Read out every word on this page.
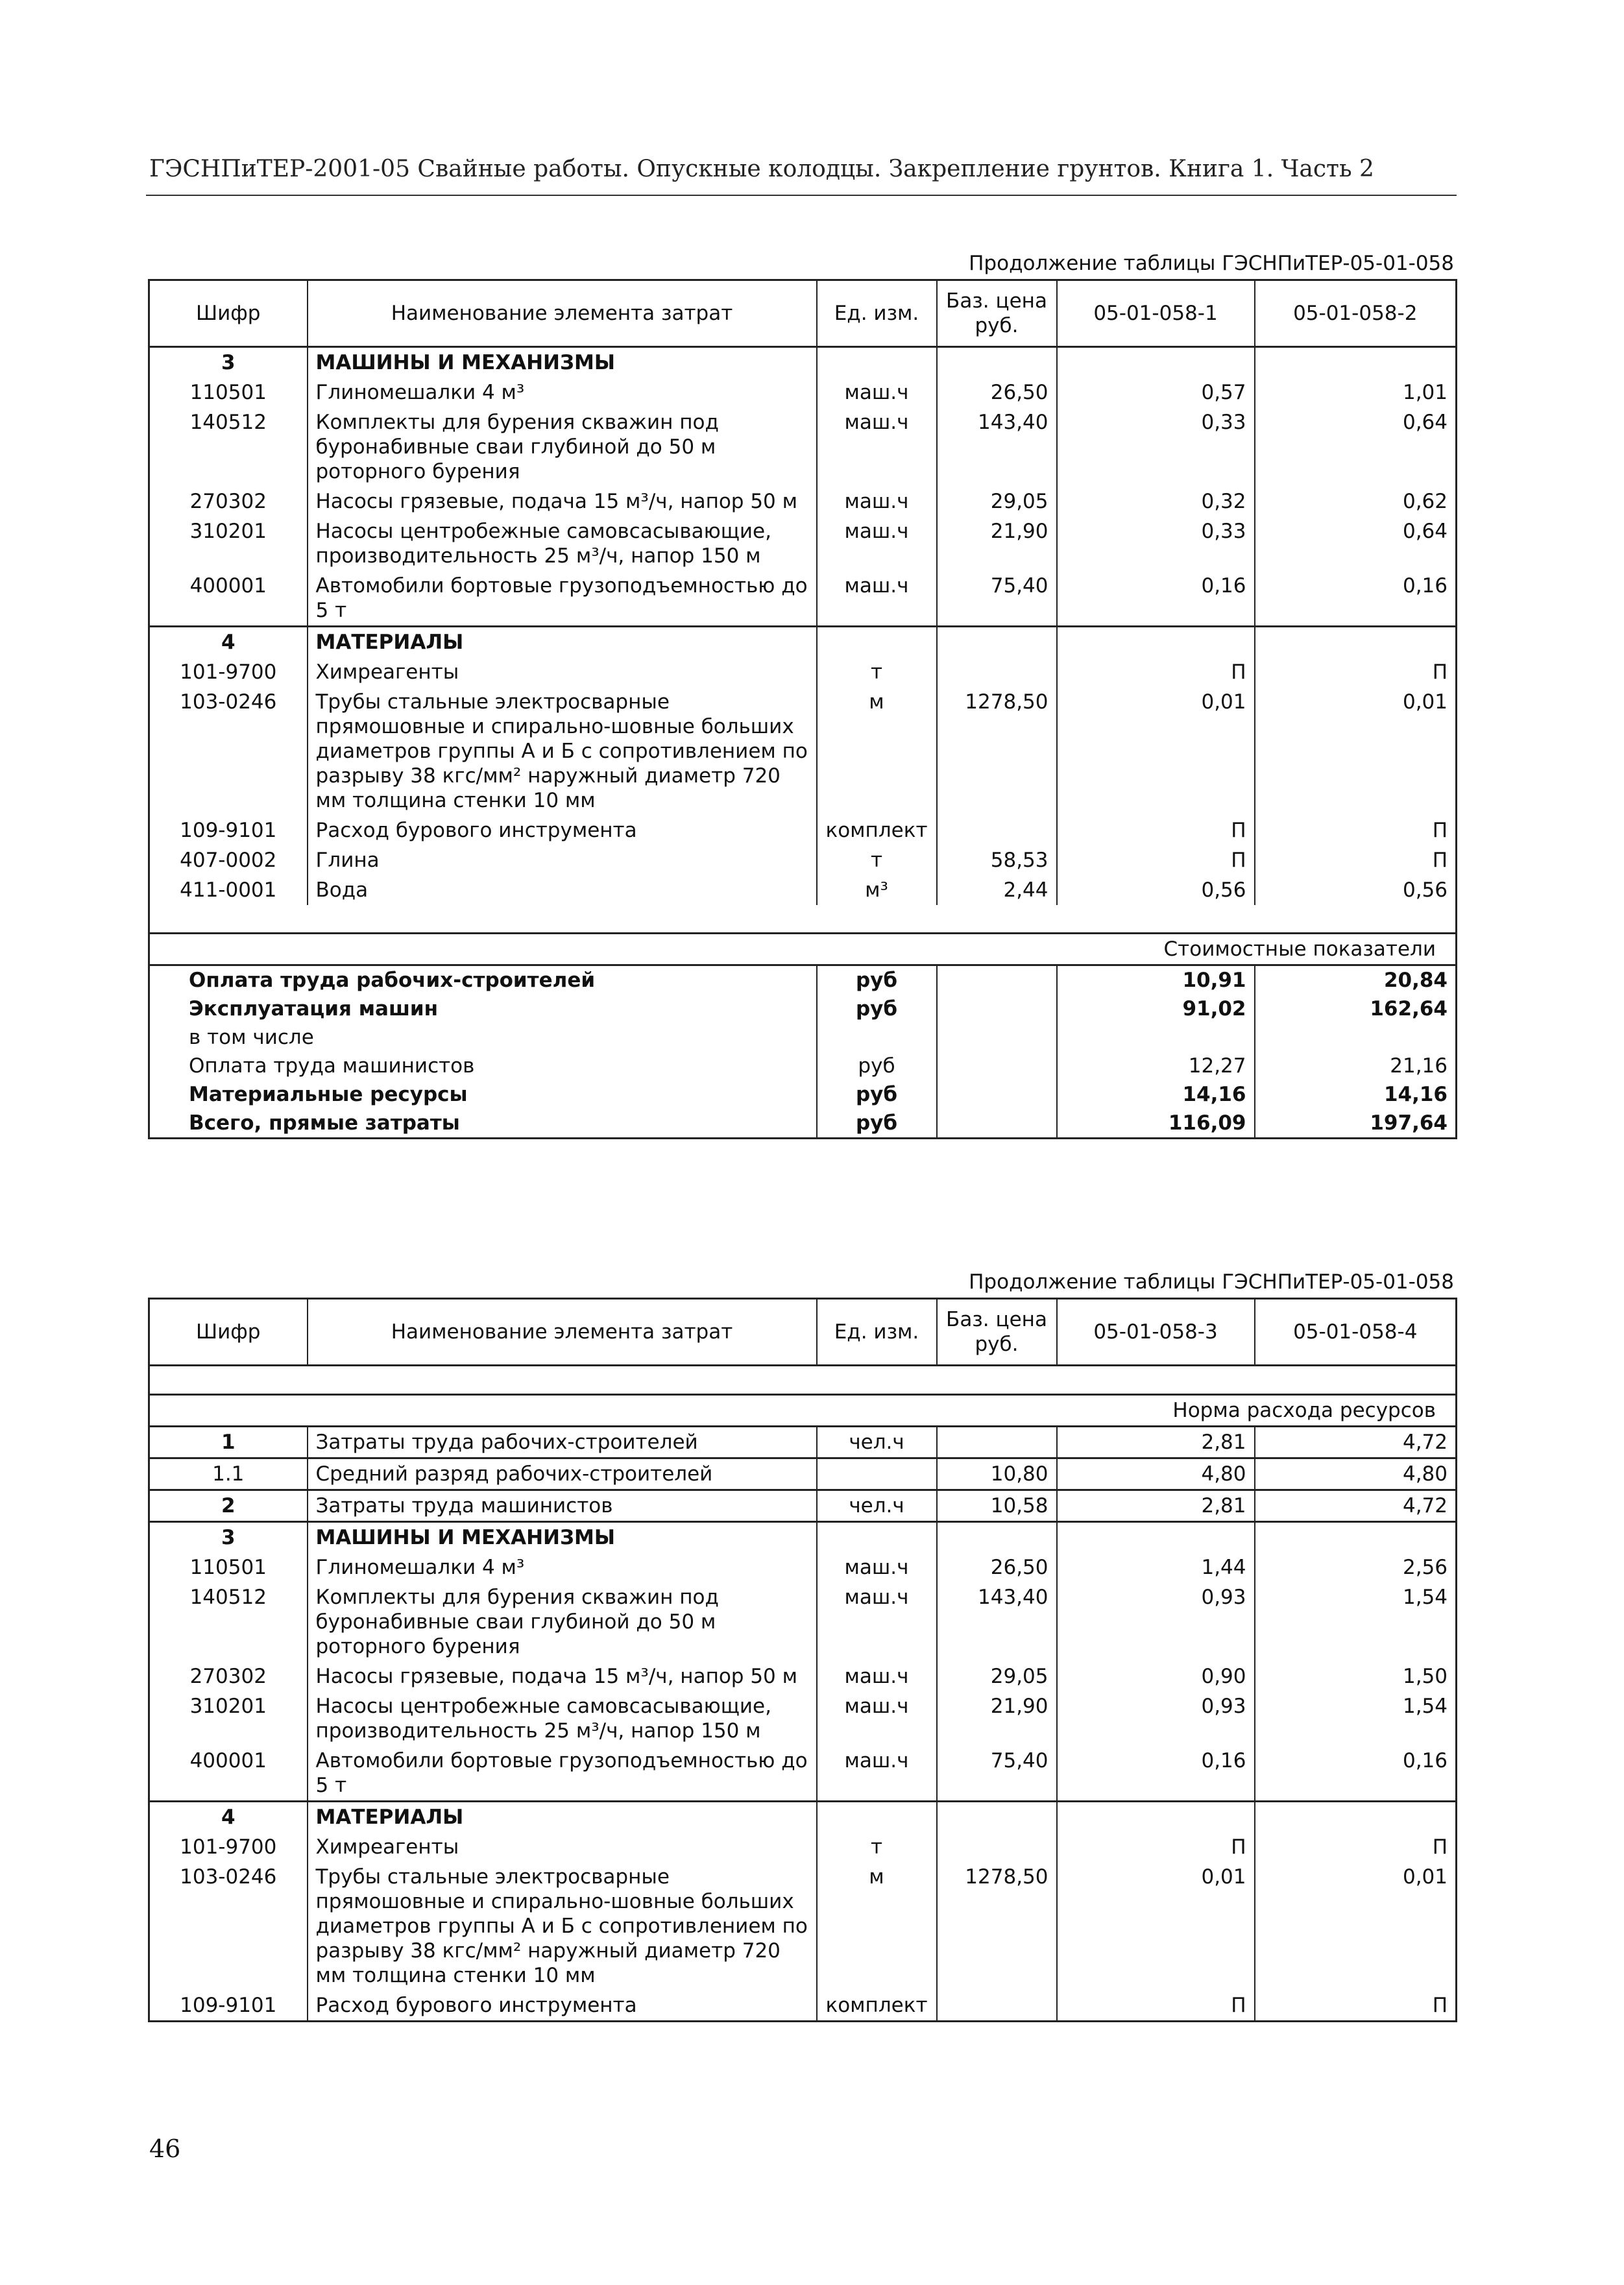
ГЭСНПиТЕР-2001-05 Свайные работы. Опускные колодцы. Закрепление грунтов. Книга 1. Часть 2
Продолжение таблицы ГЭСНПиТЕР-05-01-058
Шифр	Наименование элемента затрат	Ед. изм.	Баз. цена руб.	05-01-058-1	05-01-058-2
3	МАШИНЫ И МЕХАНИЗМЫ				
110501	Глиномешалки 4 м³	маш.ч	26,50	0,57	1,01
140512	Комплекты для бурения скважин под буронабивные сваи глубиной до 50 м роторного бурения	маш.ч	143,40	0,33	0,64
270302	Насосы грязевые, подача 15 м³/ч, напор 50 м	маш.ч	29,05	0,32	0,62
310201	Насосы центробежные самовсасывающие, производительность 25 м³/ч, напор 150 м	маш.ч	21,90	0,33	0,64
400001	Автомобили бортовые грузоподъемностью до 5 т	маш.ч	75,40	0,16	0,16
4	МАТЕРИАЛЫ				
101-9700	Химреагенты	т		П	П
103-0246	Трубы стальные электросварные прямошовные и спирально-шовные больших диаметров группы А и Б с сопротивлением по разрыву 38 кгс/мм² наружный диаметр 720 мм толщина стенки 10 мм	м	1278,50	0,01	0,01
109-9101	Расход бурового инструмента	комплект		П	П
407-0002	Глина	т	58,53	П	П
411-0001	Вода	м³	2,44	0,56	0,56

Стоимостные показатели					
Оплата труда рабочих-строителей		руб		10,91	20,84
Эксплуатация машин		руб		91,02	162,64
в том числе					
Оплата труда машинистов		руб		12,27	21,16
Материальные ресурсы		руб		14,16	14,16
Всего, прямые затраты		руб		116,09	197,64
Продолжение таблицы ГЭСНПиТЕР-05-01-058
Шифр	Наименование элемента затрат	Ед. изм.	Баз. цена руб.	05-01-058-3	05-01-058-4

Норма расхода ресурсов					
1	Затраты труда рабочих-строителей	чел.ч		2,81	4,72
1.1	Средний разряд рабочих-строителей		10,80	4,80	4,80
2	Затраты труда машинистов	чел.ч	10,58	2,81	4,72
3	МАШИНЫ И МЕХАНИЗМЫ				
110501	Глиномешалки 4 м³	маш.ч	26,50	1,44	2,56
140512	Комплекты для бурения скважин под буронабивные сваи глубиной до 50 м роторного бурения	маш.ч	143,40	0,93	1,54
270302	Насосы грязевые, подача 15 м³/ч, напор 50 м	маш.ч	29,05	0,90	1,50
310201	Насосы центробежные самовсасывающие, производительность 25 м³/ч, напор 150 м	маш.ч	21,90	0,93	1,54
400001	Автомобили бортовые грузоподъемностью до 5 т	маш.ч	75,40	0,16	0,16
4	МАТЕРИАЛЫ				
101-9700	Химреагенты	т		П	П
103-0246	Трубы стальные электросварные прямошовные и спирально-шовные больших диаметров группы А и Б с сопротивлением по разрыву 38 кгс/мм² наружный диаметр 720 мм толщина стенки 10 мм	м	1278,50	0,01	0,01
109-9101	Расход бурового инструмента	комплект		П	П
46
